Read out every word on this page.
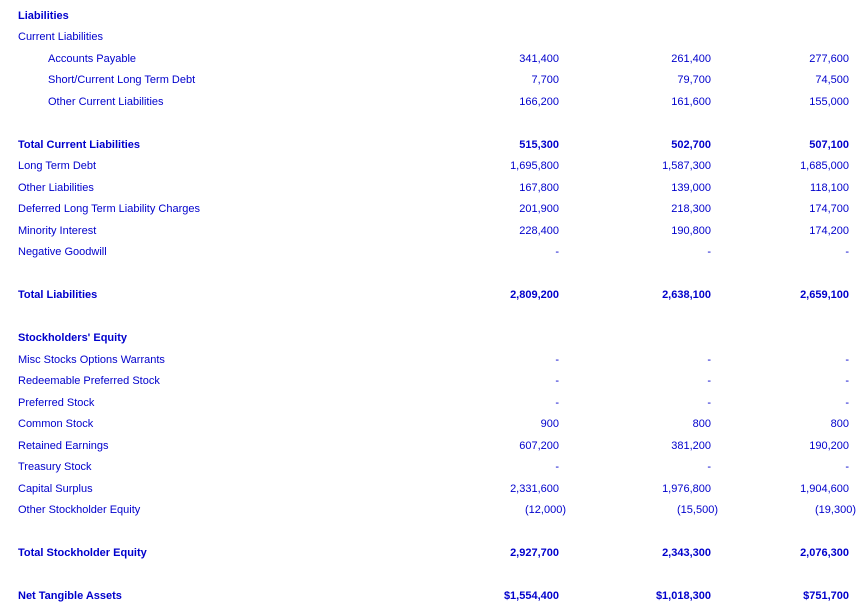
Liabilities
Current Liabilities
Accounts Payable	341,400	261,400	277,600
Short/Current Long Term Debt	7,700	79,700	74,500
Other Current Liabilities	166,200	161,600	155,000
Total Current Liabilities	515,300	502,700	507,100
Long Term Debt	1,695,800	1,587,300	1,685,000
Other Liabilities	167,800	139,000	118,100
Deferred Long Term Liability Charges	201,900	218,300	174,700
Minority Interest	228,400	190,800	174,200
Negative Goodwill	-	-	-
Total Liabilities	2,809,200	2,638,100	2,659,100
Stockholders' Equity
Misc Stocks Options Warrants	-	-	-
Redeemable Preferred Stock	-	-	-
Preferred Stock	-	-	-
Common Stock	900	800	800
Retained Earnings	607,200	381,200	190,200
Treasury Stock	-	-	-
Capital Surplus	2,331,600	1,976,800	1,904,600
Other Stockholder Equity	(12,000)	(15,500)	(19,300)
Total Stockholder Equity	2,927,700	2,343,300	2,076,300
Net Tangible Assets	$1,554,400	$1,018,300	$751,700
